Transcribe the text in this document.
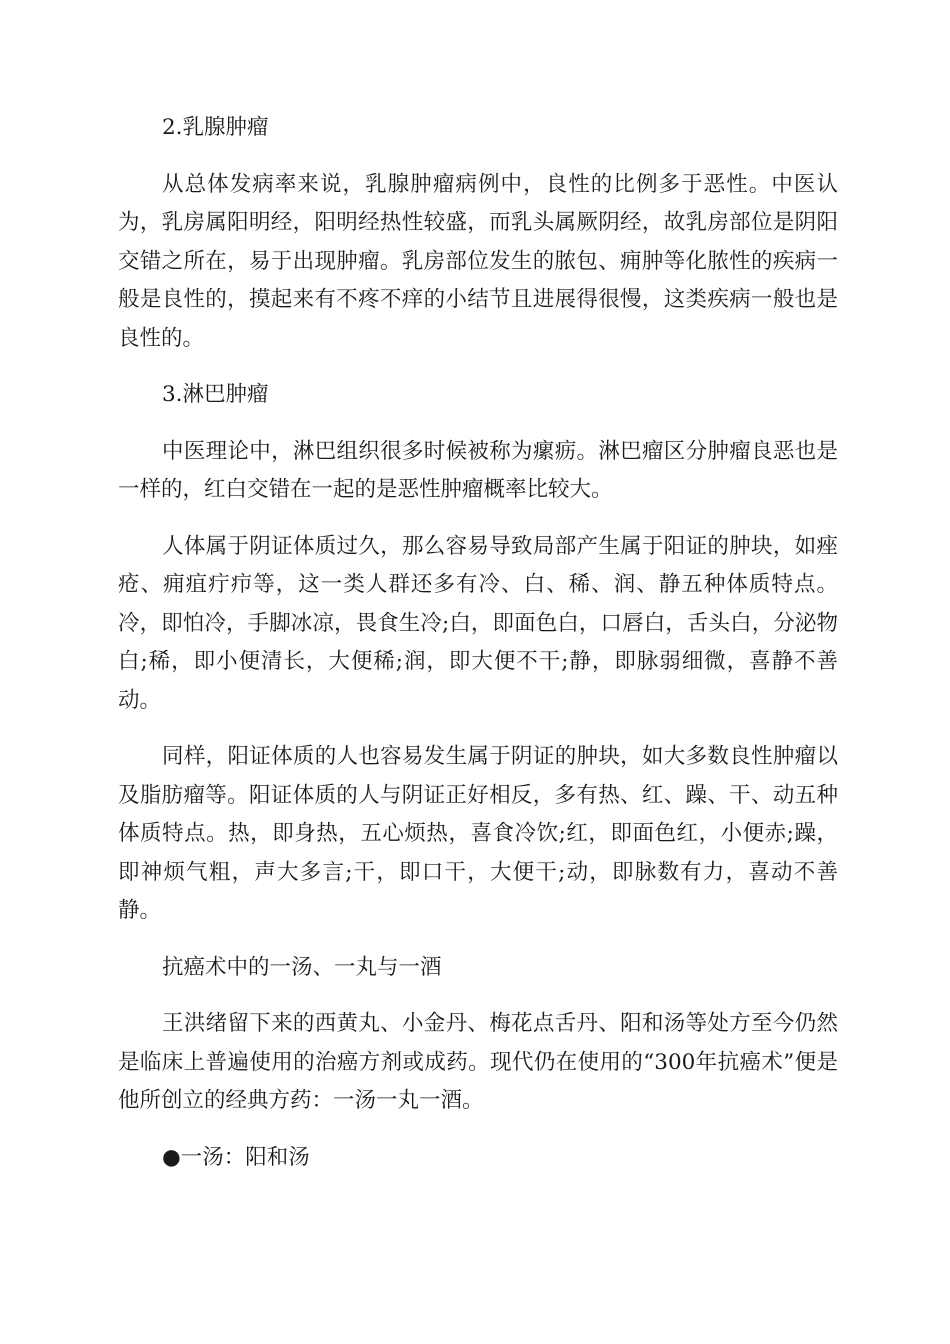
2.乳腺肿瘤

从总体发病率来说，乳腺肿瘤病例中，良性的比例多于恶性。中医认为，乳房属阳明经，阳明经热性较盛，而乳头属厥阴经，故乳房部位是阴阳交错之所在，易于出现肿瘤。乳房部位发生的脓包、痈肿等化脓性的疾病一般是良性的，摸起来有不疼不痒的小结节且进展得很慢，这类疾病一般也是良性的。

3.淋巴肿瘤

中医理论中，淋巴组织很多时候被称为瘰疬。淋巴瘤区分肿瘤良恶也是一样的，红白交错在一起的是恶性肿瘤概率比较大。

人体属于阴证体质过久，那么容易导致局部产生属于阳证的肿块，如痤疮、痈疽疔疖等，这一类人群还多有冷、白、稀、润、静五种体质特点。冷，即怕冷，手脚冰凉，畏食生冷;白，即面色白，口唇白，舌头白，分泌物白;稀，即小便清长，大便稀;润，即大便不干;静，即脉弱细微，喜静不善动。

同样，阳证体质的人也容易发生属于阴证的肿块，如大多数良性肿瘤以及脂肪瘤等。阳证体质的人与阴证正好相反，多有热、红、躁、干、动五种体质特点。热，即身热，五心烦热，喜食冷饮;红，即面色红，小便赤;躁，即神烦气粗，声大多言;干，即口干，大便干;动，即脉数有力，喜动不善静。

抗癌术中的一汤、一丸与一酒

王洪绪留下来的西黄丸、小金丹、梅花点舌丹、阳和汤等处方至今仍然是临床上普遍使用的治癌方剂或成药。现代仍在使用的“300年抗癌术”便是他所创立的经典方药：一汤一丸一酒。

●一汤：阳和汤
